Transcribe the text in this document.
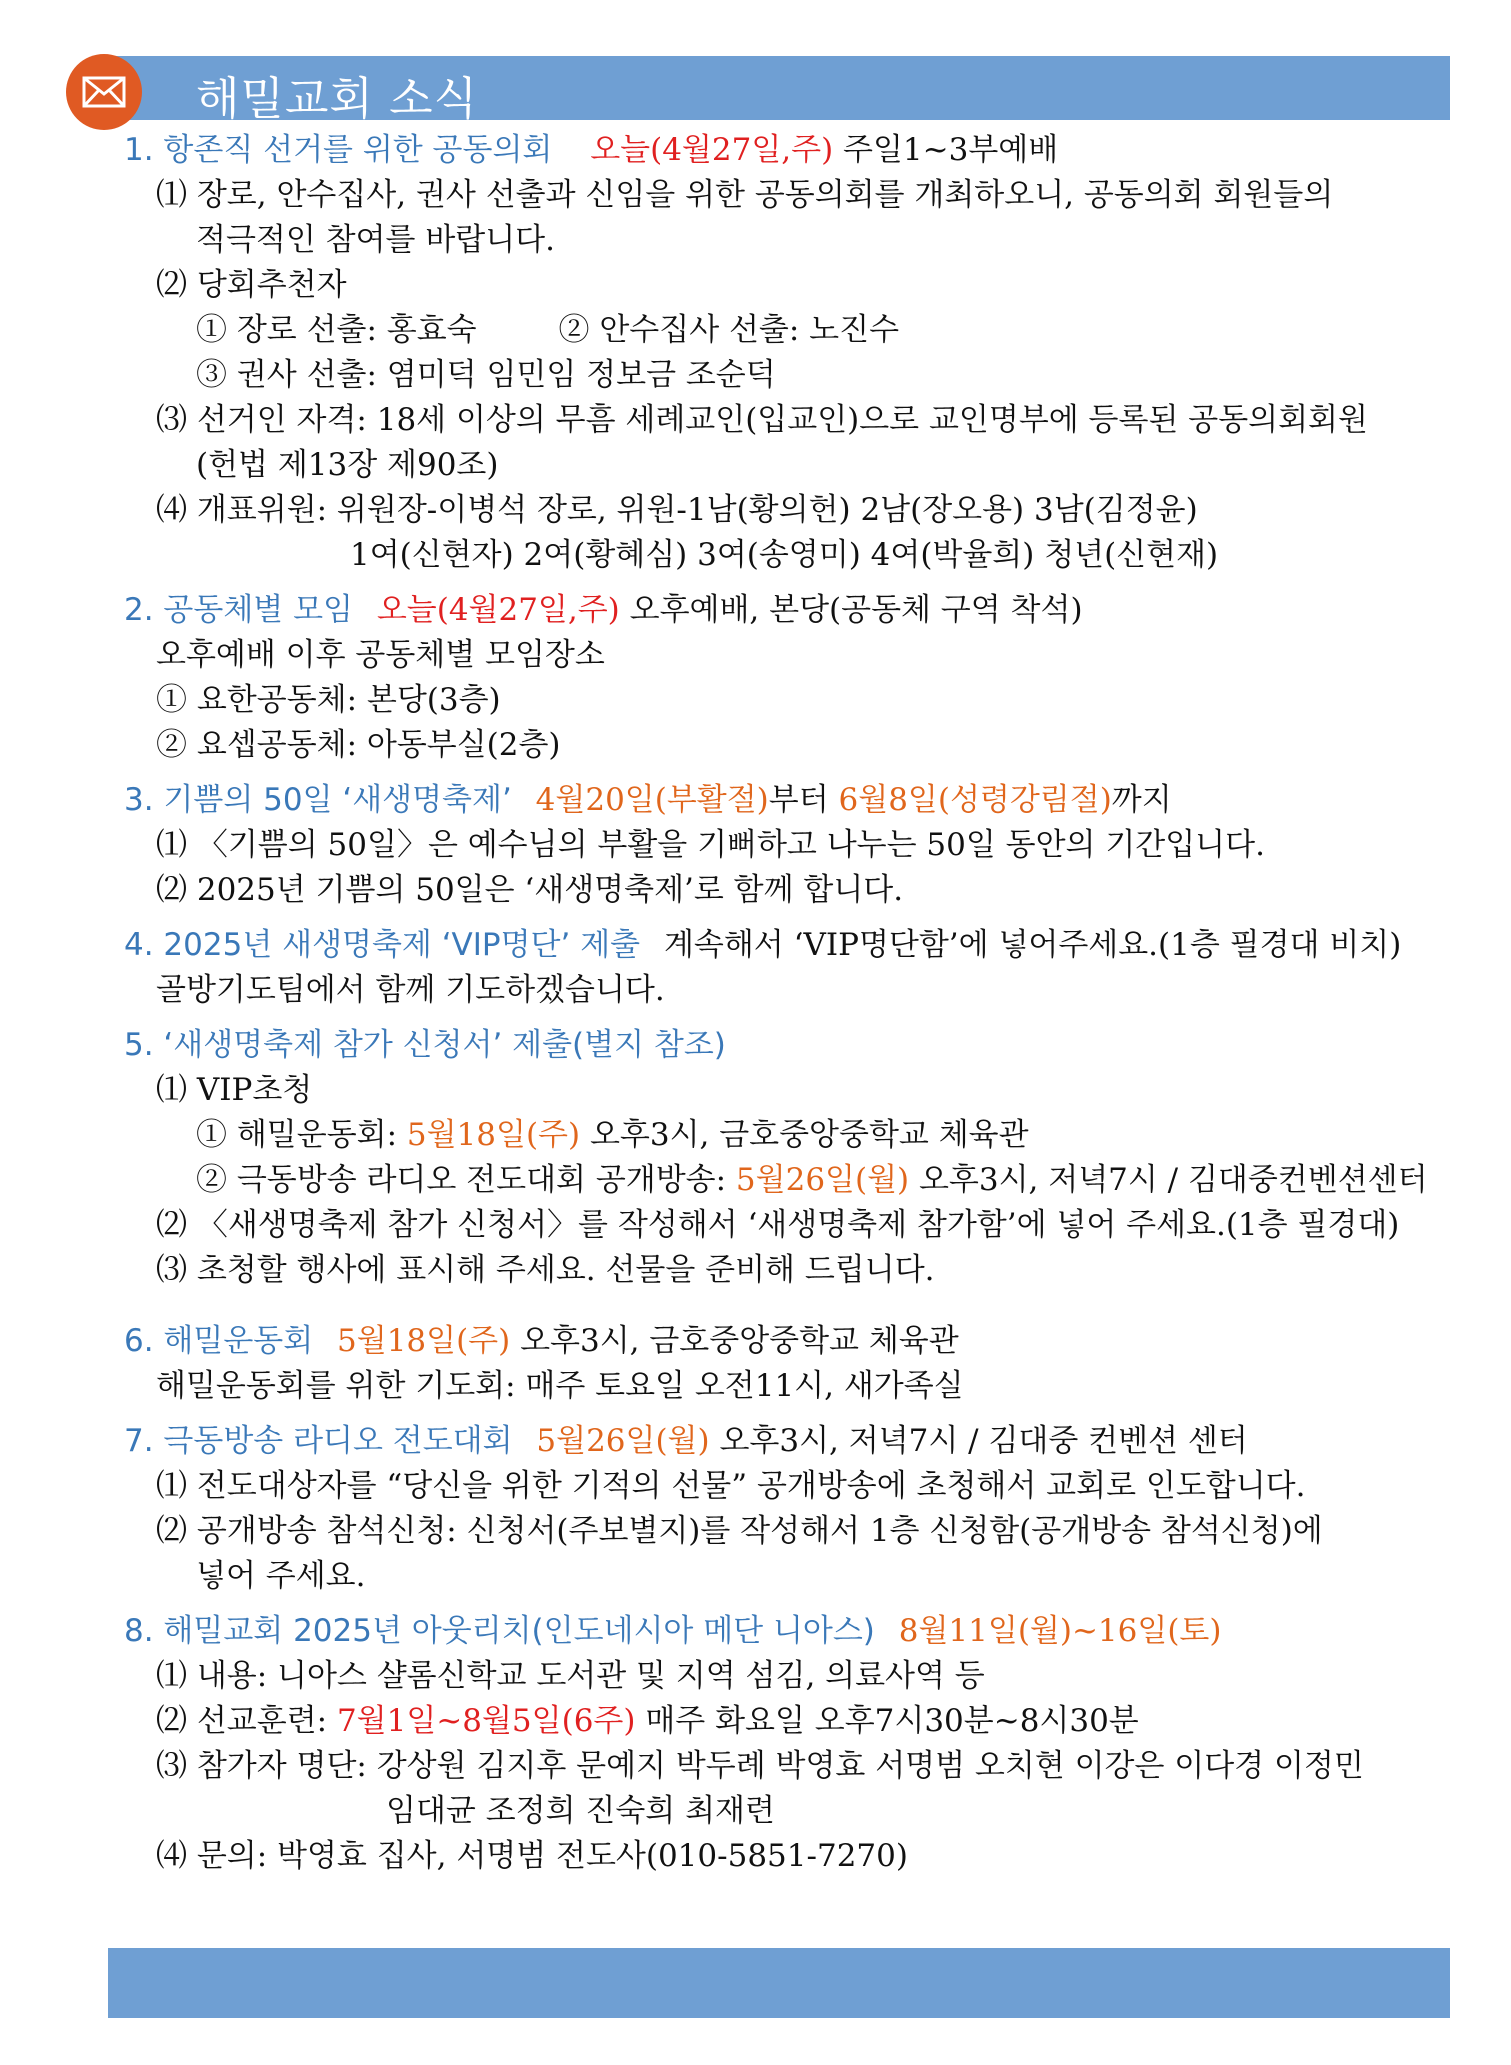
해밀교회 소식
1. 항존직 선거를 위한 공동의회 오늘(4월27일,주) 주일1~3부예배
⑴ 장로, 안수집사, 권사 선출과 신임을 위한 공동의회를 개최하오니, 공동의회 회원들의
적극적인 참여를 바랍니다.
⑵ 당회추천자
① 장로 선출: 홍효숙	② 안수집사 선출: 노진수
③ 권사 선출: 염미덕 임민임 정보금 조순덕
⑶ 선거인 자격: 18세 이상의 무흠 세례교인(입교인)으로 교인명부에 등록된 공동의회회원
(헌법 제13장 제90조)
⑷ 개표위원: 위원장-이병석 장로, 위원-1남(황의헌) 2남(장오용) 3남(김정윤)
1여(신현자) 2여(황혜심) 3여(송영미) 4여(박율희) 청년(신현재)
2. 공동체별 모임 오늘(4월27일,주) 오후예배, 본당(공동체 구역 착석)
오후예배 이후 공동체별 모임장소
① 요한공동체: 본당(3층)
② 요셉공동체: 아동부실(2층)
3. 기쁨의 50일 ‘새생명축제’ 4월20일(부활절)부터 6월8일(성령강림절)까지
⑴ 〈기쁨의 50일〉은 예수님의 부활을 기뻐하고 나누는 50일 동안의 기간입니다.
⑵ 2025년 기쁨의 50일은 ‘새생명축제’로 함께 합니다.
4. 2025년 새생명축제 ‘VIP명단’ 제출 계속해서 ‘VIP명단함’에 넣어주세요.(1층 필경대 비치)
골방기도팀에서 함께 기도하겠습니다.
5. ‘새생명축제 참가 신청서’ 제출(별지 참조)
⑴ VIP초청
① 해밀운동회: 5월18일(주) 오후3시, 금호중앙중학교 체육관
② 극동방송 라디오 전도대회 공개방송: 5월26일(월) 오후3시, 저녁7시 / 김대중컨벤션센터
⑵ 〈새생명축제 참가 신청서〉를 작성해서 ‘새생명축제 참가함’에 넣어 주세요.(1층 필경대)
⑶ 초청할 행사에 표시해 주세요. 선물을 준비해 드립니다.
6. 해밀운동회 5월18일(주) 오후3시, 금호중앙중학교 체육관
해밀운동회를 위한 기도회: 매주 토요일 오전11시, 새가족실
7. 극동방송 라디오 전도대회 5월26일(월) 오후3시, 저녁7시 / 김대중 컨벤션 센터
⑴ 전도대상자를 “당신을 위한 기적의 선물” 공개방송에 초청해서 교회로 인도합니다.
⑵ 공개방송 참석신청: 신청서(주보별지)를 작성해서 1층 신청함(공개방송 참석신청)에
넣어 주세요.
8. 해밀교회 2025년 아웃리치(인도네시아 메단 니아스) 8월11일(월)~16일(토)
⑴ 내용: 니아스 샬롬신학교 도서관 및 지역 섬김, 의료사역 등
⑵ 선교훈련: 7월1일~8월5일(6주) 매주 화요일 오후7시30분~8시30분
⑶ 참가자 명단: 강상원 김지후 문예지 박두례 박영효 서명범 오치현 이강은 이다경 이정민
임대균 조정희 진숙희 최재련
⑷ 문의: 박영효 집사, 서명범 전도사(010-5851-7270)
